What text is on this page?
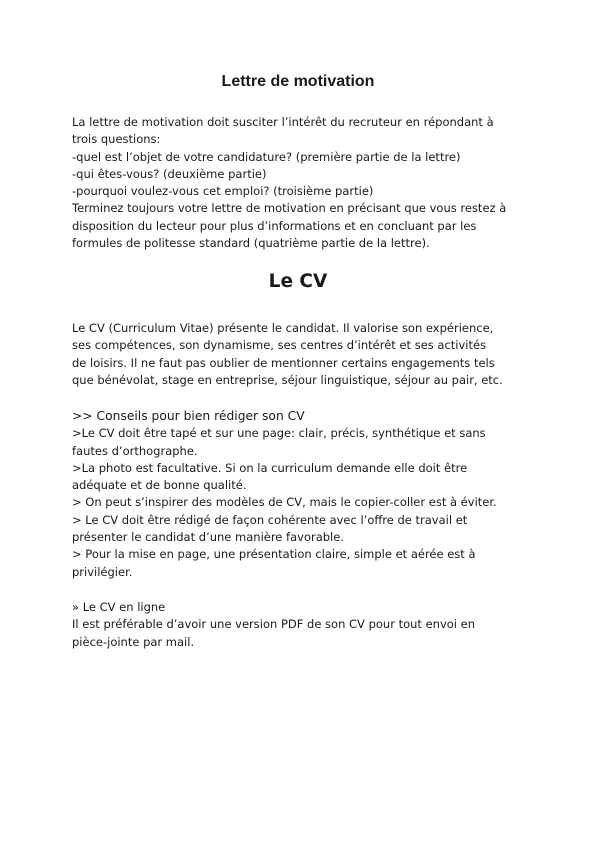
Lettre de motivation

La lettre de motivation doit susciter l’intérêt du recruteur en répondant à

trois questions:

-quel est l’objet de votre candidature? (première partie de la lettre)

-qui êtes-vous? (deuxième partie)

-pourquoi voulez-vous cet emploi? (troisième partie)

Terminez toujours votre lettre de motivation en précisant que vous restez à

disposition du lecteur pour plus d’informations et en concluant par les

formules de politesse standard (quatrième partie de la lettre).

Le CV

Le CV (Curriculum Vitae) présente le candidat. Il valorise son expérience,

ses compétences, son dynamisme, ses centres d’intérêt et ses activités

de loisirs. Il ne faut pas oublier de mentionner certains engagements tels

que bénévolat, stage en entreprise, séjour linguistique, séjour au pair, etc.

>> Conseils pour bien rédiger son CV

>Le CV doit être tapé et sur une page: clair, précis, synthétique et sans

fautes d’orthographe.

>La photo est facultative. Si on la curriculum demande elle doit être

adéquate et de bonne qualité.

> On peut s’inspirer des modèles de CV, mais le copier-coller est à éviter.

> Le CV doit être rédigé de façon cohérente avec l’offre de travail et

présenter le candidat d’une manière favorable.

> Pour la mise en page, une présentation claire, simple et aérée est à

privilégier.

» Le CV en ligne

Il est préférable d’avoir une version PDF de son CV pour tout envoi en

pièce-jointe par mail.
